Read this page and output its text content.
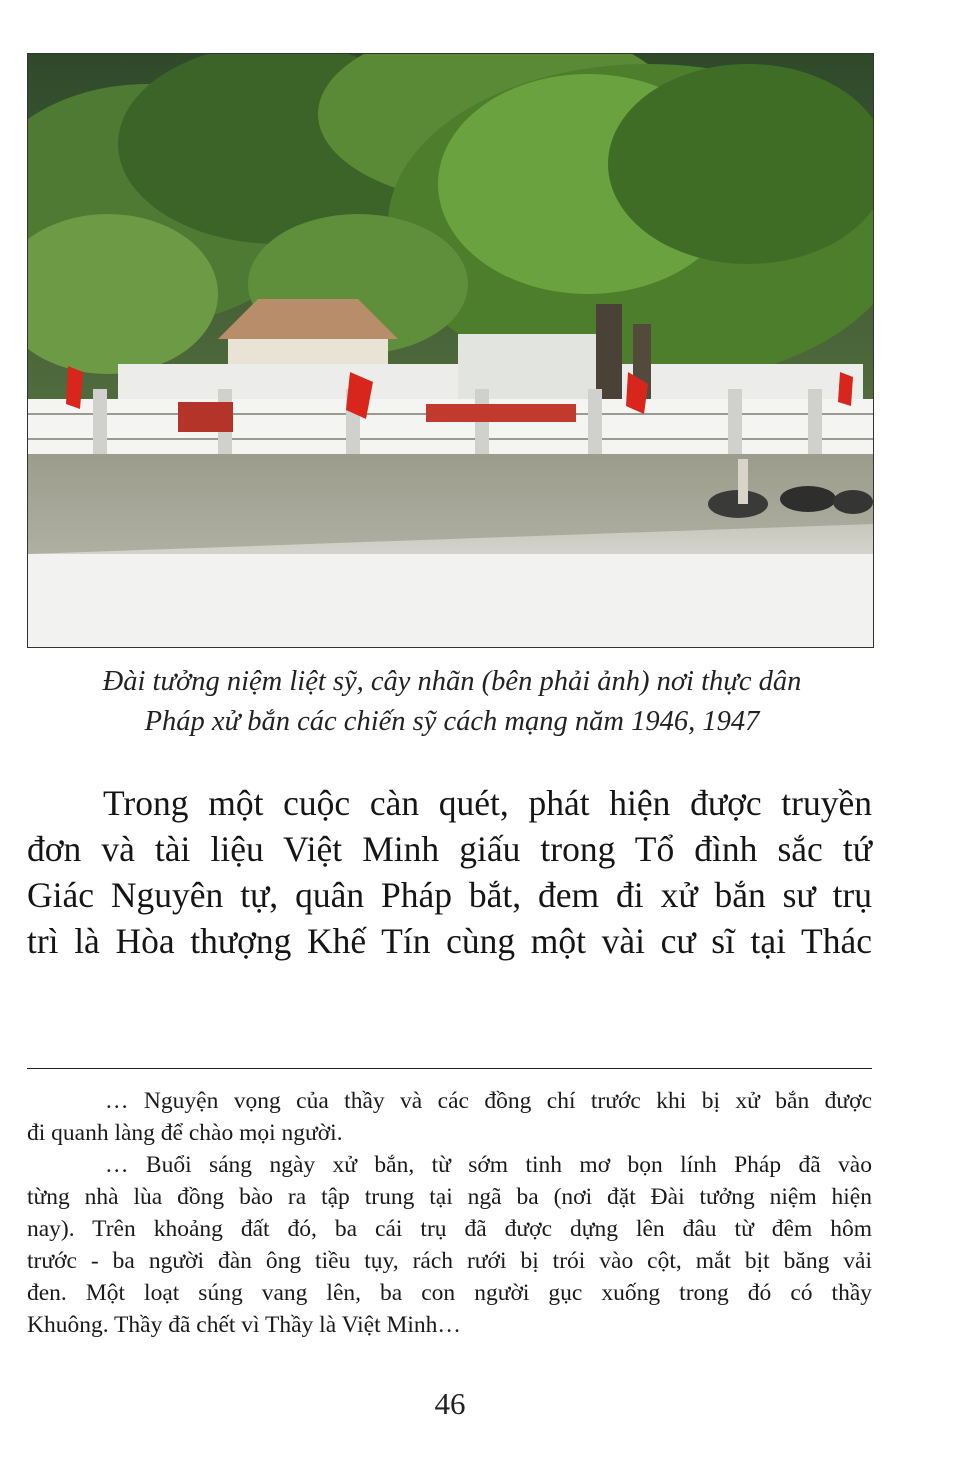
Đài tưởng niệm liệt sỹ, cây nhãn (bên phải ảnh) nơi thực dân
Pháp xử bắn các chiến sỹ cách mạng năm 1946, 1947
Trong một cuộc càn quét, phát hiện được truyền
đơn và tài liệu Việt Minh giấu trong Tổ đình sắc tứ
Giác Nguyên tự, quân Pháp bắt, đem đi xử bắn sư trụ
trì là Hòa thượng Khế Tín cùng một vài cư sĩ tại Thác
… Nguyện vọng của thầy và các đồng chí trước khi bị xử bắn được
đi quanh làng để chào mọi người.
… Buổi sáng ngày xử bắn, từ sớm tinh mơ bọn lính Pháp đã vào
từng nhà lùa đồng bào ra tập trung tại ngã ba (nơi đặt Đài tưởng niệm hiện
nay). Trên khoảng đất đó, ba cái trụ đã được dựng lên đâu từ đêm hôm
trước - ba người đàn ông tiều tụy, rách rưới bị trói vào cột, mắt bịt băng vải
đen. Một loạt súng vang lên, ba con người gục xuống trong đó có thầy
Khuông. Thầy đã chết vì Thầy là Việt Minh…
46
